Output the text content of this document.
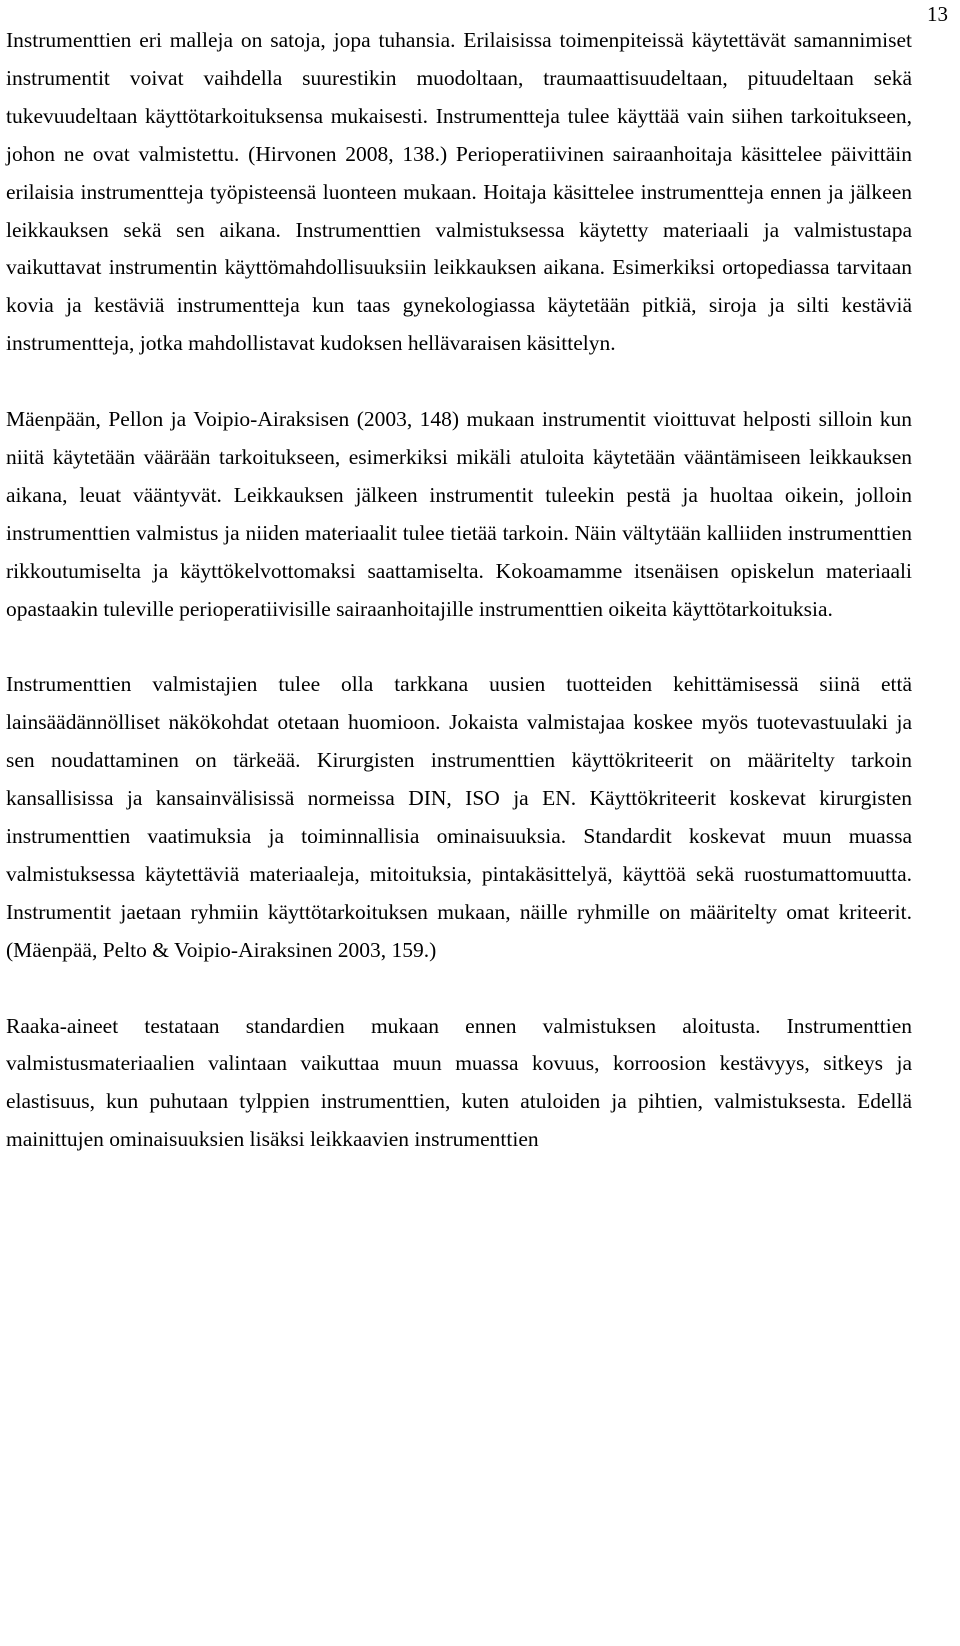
13

Instrumenttien eri malleja on satoja, jopa tuhansia. Erilaisissa toimenpiteissä käytettävät samannimiset instrumentit voivat vaihdella suurestikin muodoltaan, traumaattisuudeltaan, pituudeltaan sekä tukevuudeltaan käyttötarkoituksensa mukaisesti. Instrumentteja tulee käyttää vain siihen tarkoitukseen, johon ne ovat valmistettu. (Hirvonen 2008, 138.) Perioperatiivinen sairaanhoitaja käsittelee päivittäin erilaisia instrumentteja työpisteensä luonteen mukaan. Hoitaja käsittelee instrumentteja ennen ja jälkeen leikkauksen sekä sen aikana. Instrumenttien valmistuksessa käytetty materiaali ja valmistustapa vaikuttavat instrumentin käyttömahdollisuuksiin leikkauksen aikana. Esimerkiksi ortopediassa tarvitaan kovia ja kestäviä instrumentteja kun taas gynekologiassa käytetään pitkiä, siroja ja silti kestäviä instrumentteja, jotka mahdollistavat kudoksen hellävaraisen käsittelyn.

Mäenpään, Pellon ja Voipio-Airaksisen (2003, 148) mukaan instrumentit vioittuvat helposti silloin kun niitä käytetään väärään tarkoitukseen, esimerkiksi mikäli atuloita käytetään vääntämiseen leikkauksen aikana, leuat vääntyvät. Leikkauksen jälkeen instrumentit tuleekin pestä ja huoltaa oikein, jolloin instrumenttien valmistus ja niiden materiaalit tulee tietää tarkoin. Näin vältytään kalliiden instrumenttien rikkoutumiselta ja käyttökelvottomaksi saattamiselta. Kokoamamme itsenäisen opiskelun materiaali opastaakin tuleville perioperatiivisille sairaanhoitajille instrumenttien oikeita käyttötarkoituksia.

Instrumenttien valmistajien tulee olla tarkkana uusien tuotteiden kehittämisessä siinä että lainsäädännölliset näkökohdat otetaan huomioon. Jokaista valmistajaa koskee myös tuotevastuulaki ja sen noudattaminen on tärkeää. Kirurgisten instrumenttien käyttökriteerit on määritelty tarkoin kansallisissa ja kansainvälisissä normeissa DIN, ISO ja EN. Käyttökriteerit koskevat kirurgisten instrumenttien vaatimuksia ja toiminnallisia ominaisuuksia. Standardit koskevat muun muassa valmistuksessa käytettäviä materiaaleja, mitoituksia, pintakäsittelyä, käyttöä sekä ruostumattomuutta. Instrumentit jaetaan ryhmiin käyttötarkoituksen mukaan, näille ryhmille on määritelty omat kriteerit. (Mäenpää, Pelto & Voipio-Airaksinen 2003, 159.)

Raaka-aineet testataan standardien mukaan ennen valmistuksen aloitusta. Instrumenttien valmistusmateriaalien valintaan vaikuttaa muun muassa kovuus, korroosion kestävyys, sitkeys ja elastisuus, kun puhutaan tylppien instrumenttien, kuten atuloiden ja pihtien, valmistuksesta. Edellä mainittujen ominaisuuksien lisäksi leikkaavien instrumenttien
